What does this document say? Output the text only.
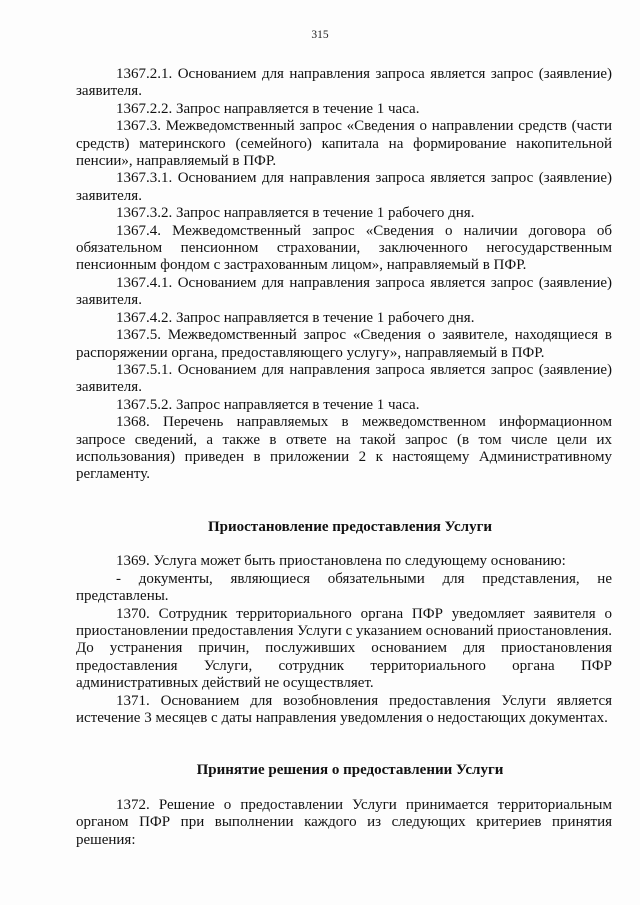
315

1367.2.1. Основанием для направления запроса является запрос (заявление) заявителя.

1367.2.2. Запрос направляется в течение 1 часа.

1367.3. Межведомственный запрос «Сведения о направлении средств (части средств) материнского (семейного) капитала на формирование накопительной пенсии», направляемый в ПФР.

1367.3.1. Основанием для направления запроса является запрос (заявление) заявителя.

1367.3.2. Запрос направляется в течение 1 рабочего дня.

1367.4. Межведомственный запрос «Сведения о наличии договора об обязательном пенсионном страховании, заключенного негосударственным пенсионным фондом с застрахованным лицом», направляемый в ПФР.

1367.4.1. Основанием для направления запроса является запрос (заявление) заявителя.

1367.4.2. Запрос направляется в течение 1 рабочего дня.

1367.5. Межведомственный запрос «Сведения о заявителе, находящиеся в распоряжении органа, предоставляющего услугу», направляемый в ПФР.

1367.5.1. Основанием для направления запроса является запрос (заявление) заявителя.

1367.5.2. Запрос направляется в течение 1 часа.

1368. Перечень направляемых в межведомственном информационном запросе сведений, а также в ответе на такой запрос (в том числе цели их использования) приведен в приложении 2 к настоящему Административному регламенту.

Приостановление предоставления Услуги

1369. Услуга может быть приостановлена по следующему основанию:

- документы, являющиеся обязательными для представления, не представлены.

1370. Сотрудник территориального органа ПФР уведомляет заявителя о приостановлении предоставления Услуги с указанием оснований приостановления. До устранения причин, послуживших основанием для приостановления предоставления Услуги, сотрудник территориального органа ПФР административных действий не осуществляет.

1371. Основанием для возобновления предоставления Услуги является истечение 3 месяцев с даты направления уведомления о недостающих документах.

Принятие решения о предоставлении Услуги

1372. Решение о предоставлении Услуги принимается территориальным органом ПФР при выполнении каждого из следующих критериев принятия решения:
